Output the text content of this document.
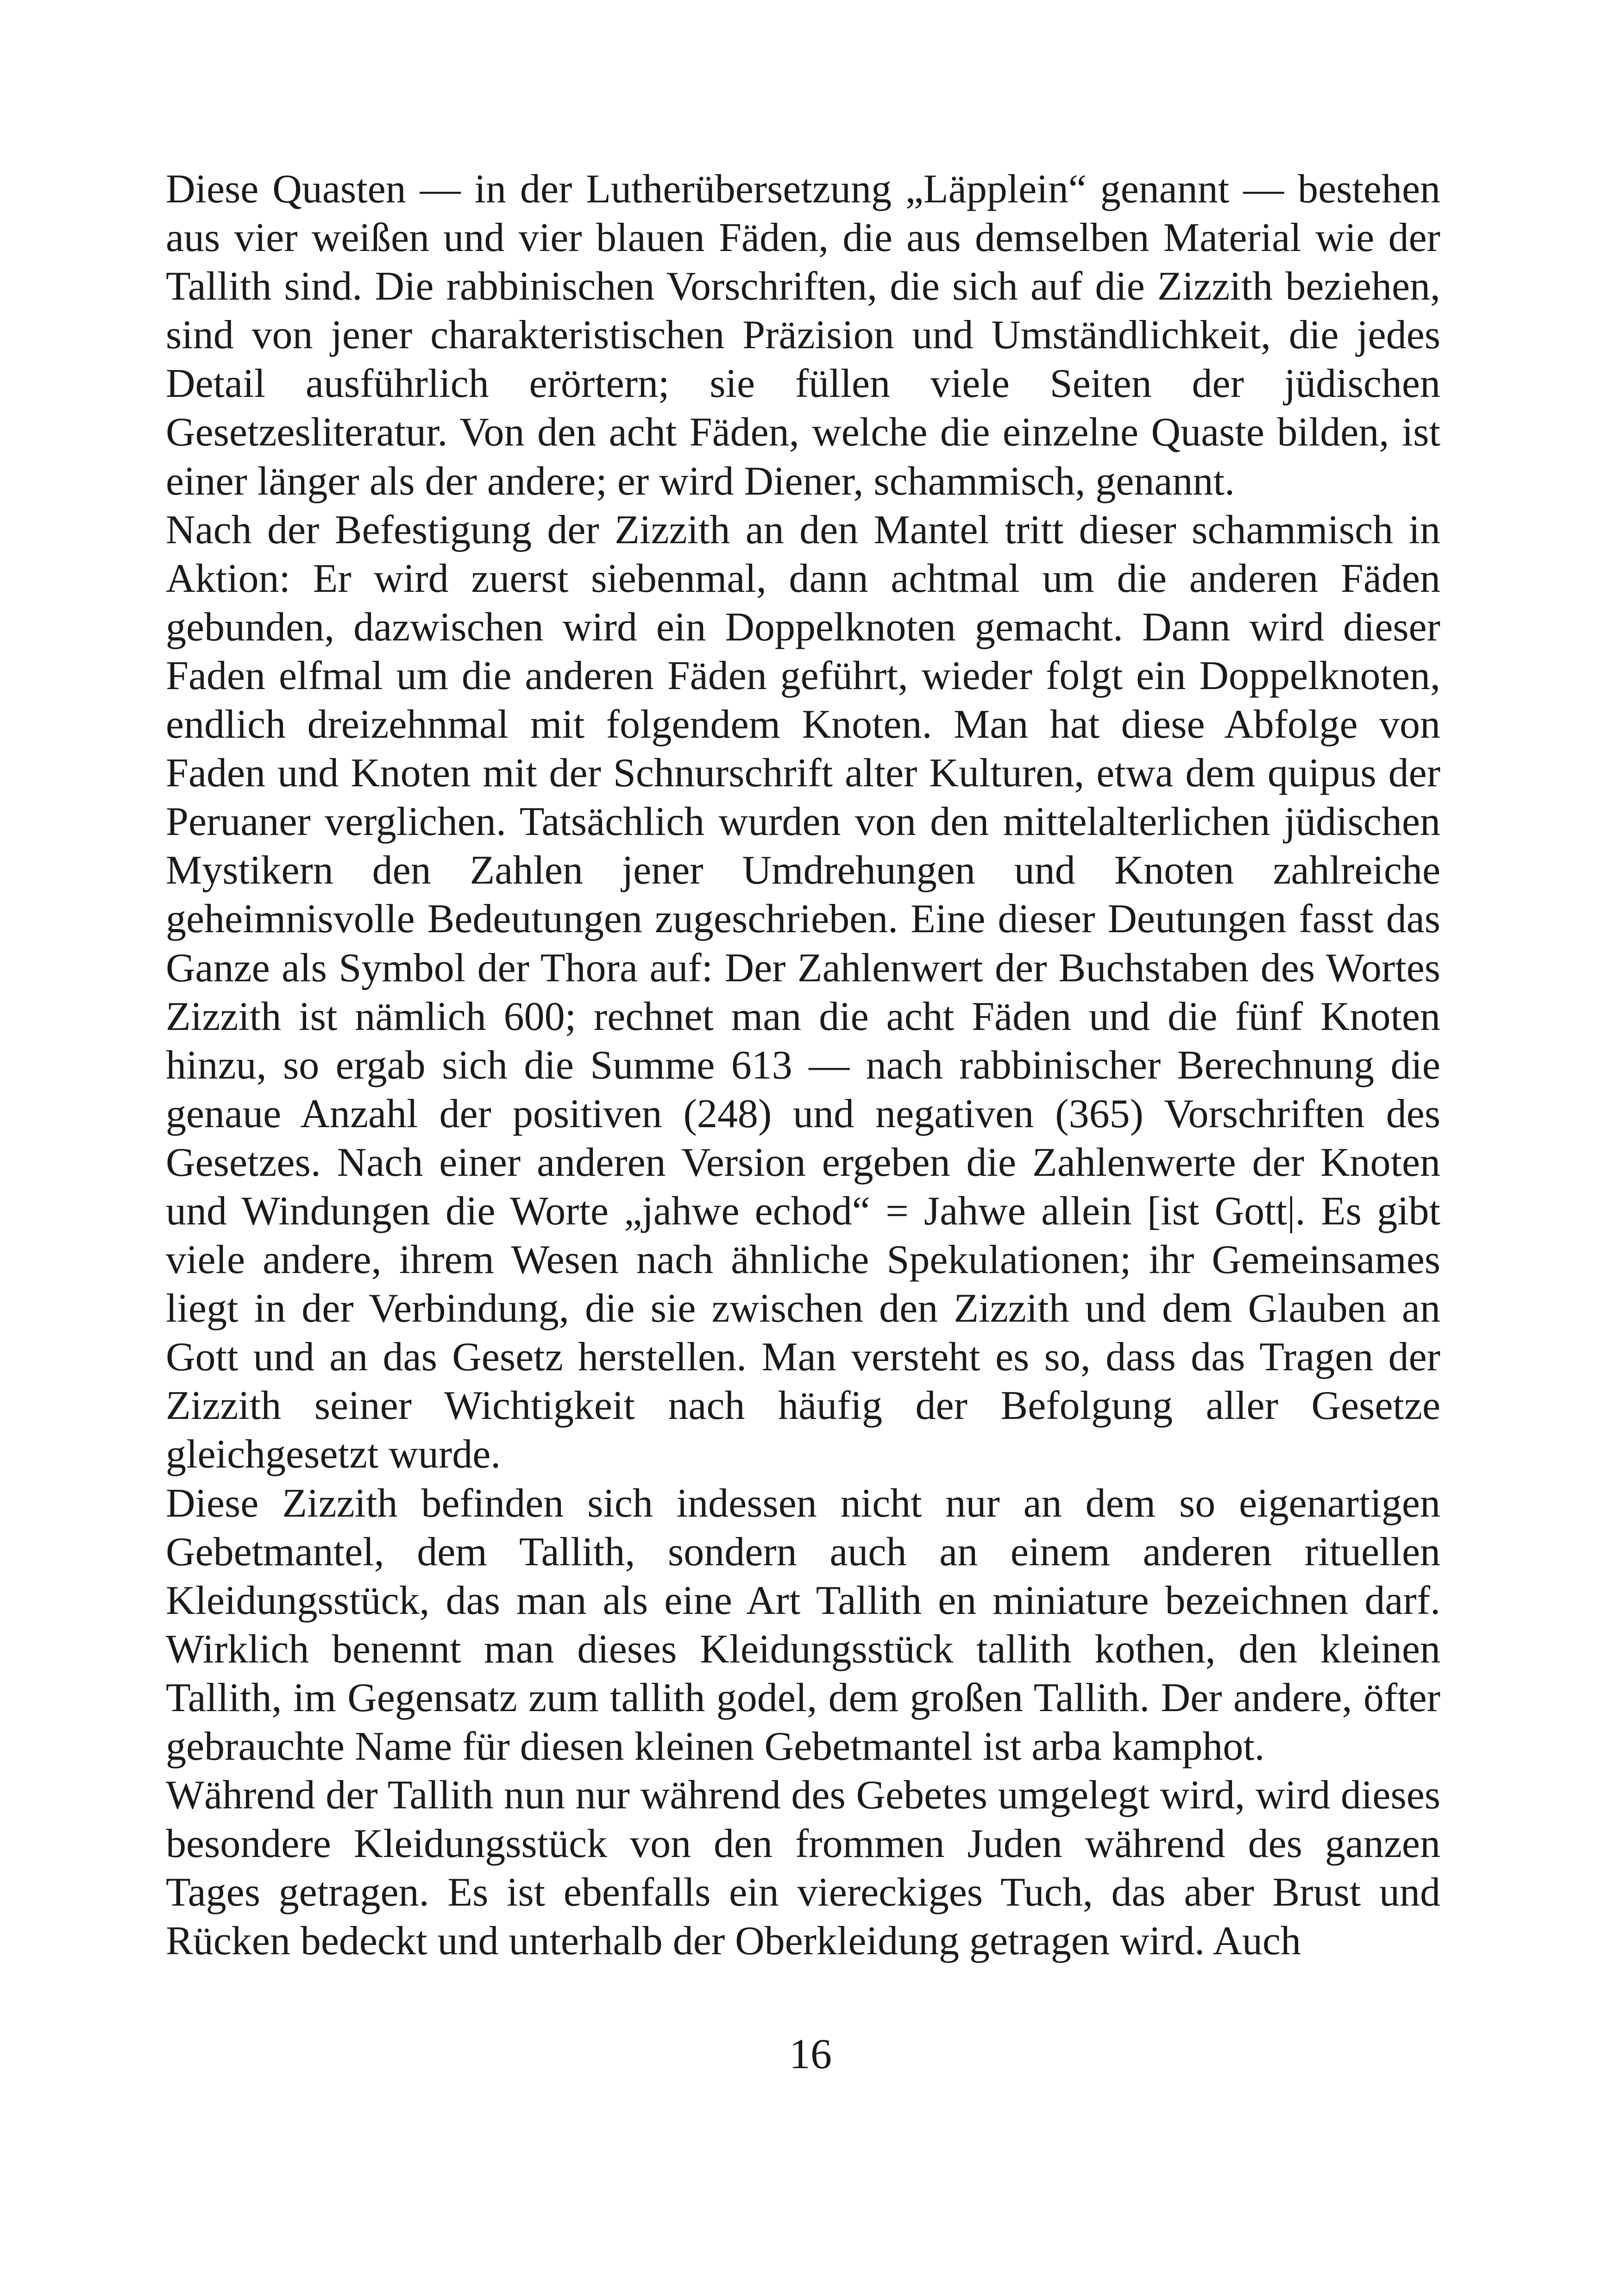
Diese Quasten — in der Lutherübersetzung „Läpplein“ genannt — bestehen aus vier weißen und vier blauen Fäden, die aus demselben Material wie der Tallith sind. Die rabbinischen Vorschriften, die sich auf die Zizzith beziehen, sind von jener charakteristischen Präzision und Umständlichkeit, die jedes Detail ausführlich erörtern; sie füllen viele Seiten der jüdischen Gesetzesliteratur. Von den acht Fäden, welche die einzelne Quaste bilden, ist einer länger als der andere; er wird Diener, schammisch, genannt.

Nach der Befestigung der Zizzith an den Mantel tritt dieser schammisch in Aktion: Er wird zuerst siebenmal, dann achtmal um die anderen Fäden gebunden, dazwischen wird ein Doppelknoten gemacht. Dann wird dieser Faden elfmal um die anderen Fäden geführt, wieder folgt ein Doppelknoten, endlich dreizehnmal mit folgendem Knoten. Man hat diese Abfolge von Faden und Knoten mit der Schnurschrift alter Kulturen, etwa dem quipus der Peruaner verglichen. Tatsächlich wurden von den mittelalterlichen jüdischen Mystikern den Zahlen jener Umdrehungen und Knoten zahlreiche geheimnisvolle Bedeutungen zugeschrieben. Eine dieser Deutungen fasst das Ganze als Symbol der Thora auf: Der Zahlenwert der Buchstaben des Wortes Zizzith ist nämlich 600; rechnet man die acht Fäden und die fünf Knoten hinzu, so ergab sich die Summe 613 — nach rabbinischer Berechnung die genaue Anzahl der positiven (248) und negativen (365) Vorschriften des Gesetzes. Nach einer anderen Version ergeben die Zahlenwerte der Knoten und Windungen die Worte „jahwe echod“ = Jahwe allein [ist Gott|. Es gibt viele andere, ihrem Wesen nach ähnliche Spekulationen; ihr Gemeinsames liegt in der Verbindung, die sie zwischen den Zizzith und dem Glauben an Gott und an das Gesetz herstellen. Man versteht es so, dass das Tragen der Zizzith seiner Wichtigkeit nach häufig der Befolgung aller Gesetze gleichgesetzt wurde.

Diese Zizzith befinden sich indessen nicht nur an dem so eigenartigen Gebetmantel, dem Tallith, sondern auch an einem anderen rituellen Kleidungsstück, das man als eine Art Tallith en miniature bezeichnen darf. Wirklich benennt man dieses Kleidungsstück tallith kothen, den kleinen Tallith, im Gegensatz zum tallith godel, dem großen Tallith. Der andere, öfter gebrauchte Name für diesen kleinen Gebetmantel ist arba kamphot.

Während der Tallith nun nur während des Gebetes umgelegt wird, wird dieses besondere Kleidungsstück von den frommen Juden während des ganzen Tages getragen. Es ist ebenfalls ein viereckiges Tuch, das aber Brust und Rücken bedeckt und unterhalb der Oberkleidung getragen wird. Auch

16
